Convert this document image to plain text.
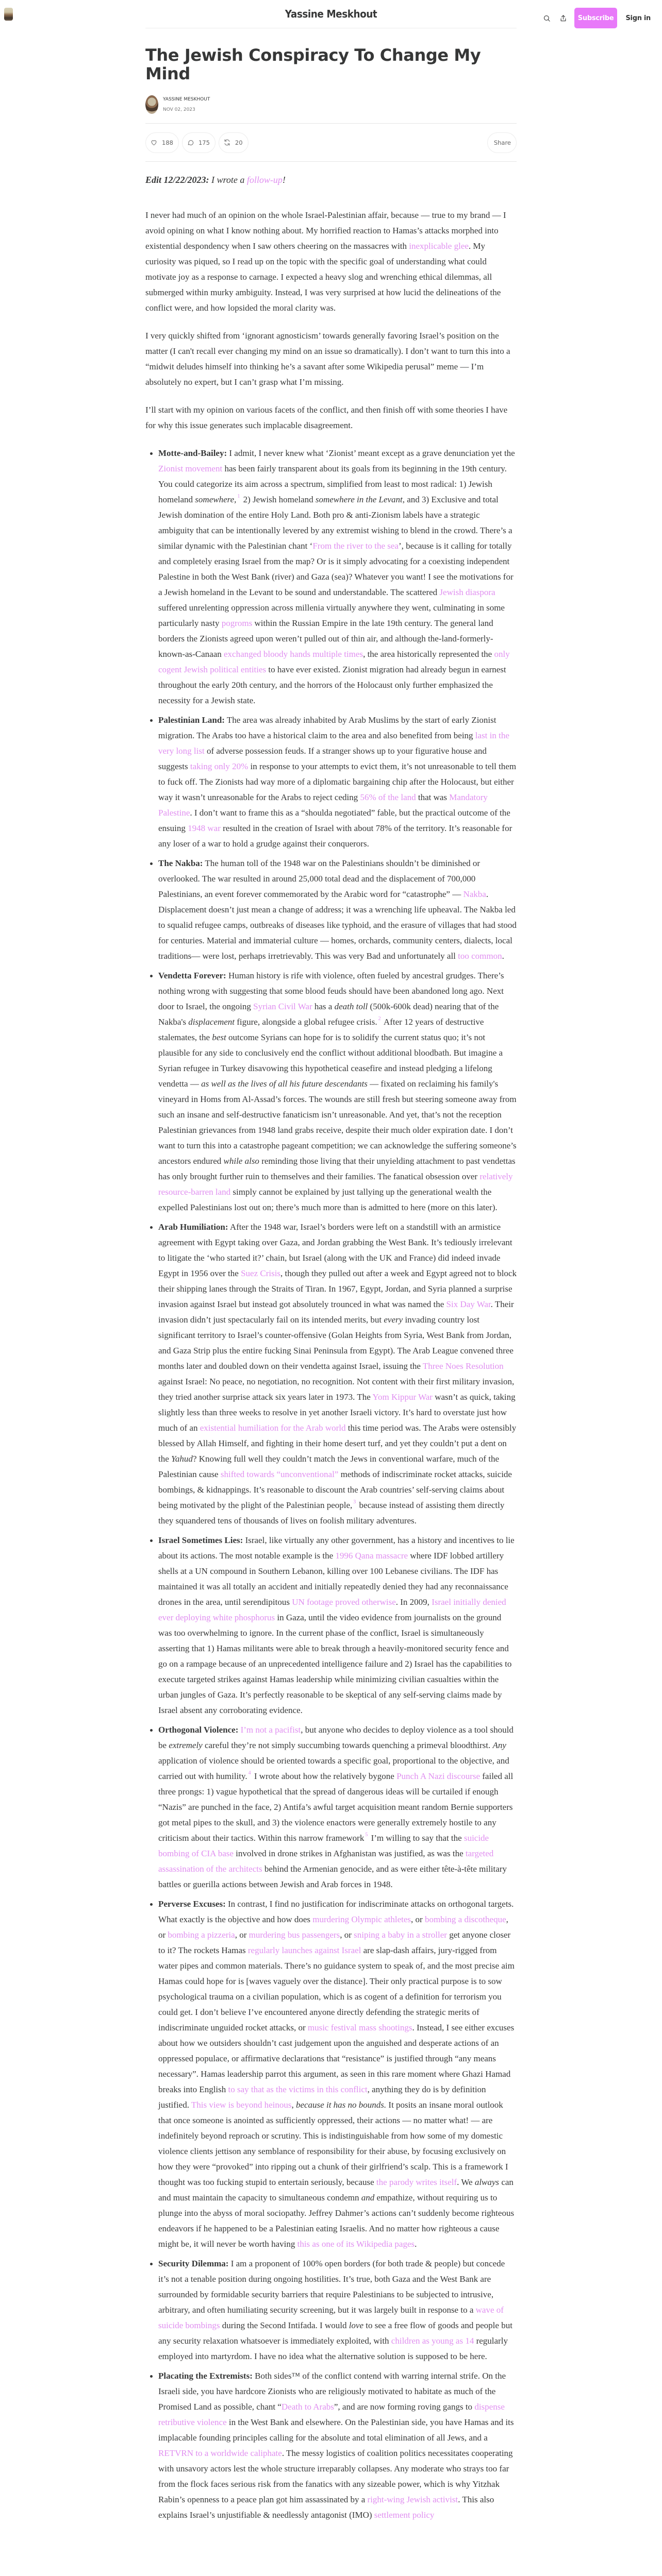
Yassine Meskhout	Subscribe	Sign in
The Jewish Conspiracy To Change My Mind
YASSINE MESKHOUT
NOV 02, 2023
188	175	20	Share
Edit 12/22/2023: I wrote a follow-up!

I never had much of an opinion on the whole Israel-Palestinian affair, because — true to my brand — I avoid opining on what I know nothing about. My horrified reaction to Hamas’s attacks morphed into existential despondency when I saw others cheering on the massacres with inexplicable glee. My curiosity was piqued, so I read up on the topic with the specific goal of understanding what could motivate joy as a response to carnage. I expected a heavy slog and wrenching ethical dilemmas, all submerged within murky ambiguity. Instead, I was very surprised at how lucid the delineations of the conflict were, and how lopsided the moral clarity was.

I very quickly shifted from ‘ignorant agnosticism’ towards generally favoring Israel’s position on the matter (I can't recall ever changing my mind on an issue so dramatically). I don’t want to turn this into a “midwit deludes himself into thinking he’s a savant after some Wikipedia perusal” meme — I’m absolutely no expert, but I can’t grasp what I’m missing.

I’ll start with my opinion on various facets of the conflict, and then finish off with some theories I have for why this issue generates such implacable disagreement.

Motte-and-Bailey: I admit, I never knew what ‘Zionist’ meant except as a grave denunciation yet the Zionist movement has been fairly transparent about its goals from its beginning in the 19th century. You could categorize its aim across a spectrum, simplified from least to most radical: 1) Jewish homeland somewhere, $^1$ 2) Jewish homeland somewhere in the Levant, and 3) Exclusive and total Jewish domination of the entire Holy Land. Both pro & anti-Zionism labels have a strategic ambiguity that can be intentionally levered by any extremist wishing to blend in the crowd. There’s a similar dynamic with the Palestinian chant ‘From the river to the sea’, because is it calling for totally and completely erasing Israel from the map? Or is it simply advocating for a coexisting independent Palestine in both the West Bank (river) and Gaza (sea)? Whatever you want! I see the motivations for a Jewish homeland in the Levant to be sound and understandable. The scattered Jewish diaspora suffered unrelenting oppression across millenia virtually anywhere they went, culminating in some particularly nasty pogroms within the Russian Empire in the late 19th century. The general land borders the Zionists agreed upon weren’t pulled out of thin air, and although the-land-formerly-known-as-Canaan exchanged bloody hands multiple times, the area historically represented the only cogent Jewish political entities to have ever existed. Zionist migration had already begun in earnest throughout the early 20th century, and the horrors of the Holocaust only further emphasized the necessity for a Jewish state.
Palestinian Land: The area was already inhabited by Arab Muslims by the start of early Zionist migration. The Arabs too have a historical claim to the area and also benefited from being last in the very long list of adverse possession feuds. If a stranger shows up to your figurative house and suggests taking only 20% in response to your attempts to evict them, it’s not unreasonable to tell them to fuck off. The Zionists had way more of a diplomatic bargaining chip after the Holocaust, but either way it wasn’t unreasonable for the Arabs to reject ceding 56% of the land that was Mandatory Palestine. I don’t want to frame this as a “shoulda negotiated” fable, but the practical outcome of the ensuing 1948 war resulted in the creation of Israel with about 78% of the territory. It’s reasonable for any loser of a war to hold a grudge against their conquerors.
The Nakba: The human toll of the 1948 war on the Palestinians shouldn’t be diminished or overlooked. The war resulted in around 25,000 total dead and the displacement of 700,000 Palestinians, an event forever commemorated by the Arabic word for “catastrophe” — Nakba. Displacement doesn’t just mean a change of address; it was a wrenching life upheaval. The Nakba led to squalid refugee camps, outbreaks of diseases like typhoid, and the erasure of villages that had stood for centuries. Material and immaterial culture — homes, orchards, community centers, dialects, local traditions— were lost, perhaps irretrievably. This was very Bad and unfortunately all too common.
Vendetta Forever: Human history is rife with violence, often fueled by ancestral grudges. There’s nothing wrong with suggesting that some blood feuds should have been abandoned long ago. Next door to Israel, the ongoing Syrian Civil War has a death toll (500k-600k dead) nearing that of the Nakba's displacement figure, alongside a global refugee crisis. $^2$ After 12 years of destructive stalemates, the best outcome Syrians can hope for is to solidify the current status quo; it’s not plausible for any side to conclusively end the conflict without additional bloodbath. But imagine a Syrian refugee in Turkey disavowing this hypothetical ceasefire and instead pledging a lifelong vendetta — as well as the lives of all his future descendants — fixated on reclaiming his family's vineyard in Homs from Al-Assad’s forces. The wounds are still fresh but steering someone away from such an insane and self-destructive fanaticism isn’t unreasonable. And yet, that’s not the reception Palestinian grievances from 1948 land grabs receive, despite their much older expiration date. I don’t want to turn this into a catastrophe pageant competition; we can acknowledge the suffering someone’s ancestors endured while also reminding those living that their unyielding attachment to past vendettas has only brought further ruin to themselves and their families. The fanatical obsession over relatively resource-barren land simply cannot be explained by just tallying up the generational wealth the expelled Palestinians lost out on; there’s much more than is admitted to here (more on this later).
Arab Humiliation: After the 1948 war, Israel’s borders were left on a standstill with an armistice agreement with Egypt taking over Gaza, and Jordan grabbing the West Bank. It’s tediously irrelevant to litigate the ‘who started it?’ chain, but Israel (along with the UK and France) did indeed invade Egypt in 1956 over the Suez Crisis, though they pulled out after a week and Egypt agreed not to block their shipping lanes through the Straits of Tiran. In 1967, Egypt, Jordan, and Syria planned a surprise invasion against Israel but instead got absolutely trounced in what was named the Six Day War. Their invasion didn’t just spectacularly fail on its intended merits, but every invading country lost significant territory to Israel’s counter-offensive (Golan Heights from Syria, West Bank from Jordan, and Gaza Strip plus the entire fucking Sinai Peninsula from Egypt). The Arab League convened three months later and doubled down on their vendetta against Israel, issuing the Three Noes Resolution against Israel: No peace, no negotiation, no recognition. Not content with their first military invasion, they tried another surprise attack six years later in 1973. The Yom Kippur War wasn’t as quick, taking slightly less than three weeks to resolve in yet another Israeli victory. It’s hard to overstate just how much of an existential humiliation for the Arab world this time period was. The Arabs were ostensibly blessed by Allah Himself, and fighting in their home desert turf, and yet they couldn’t put a dent on the Yahud? Knowing full well they couldn’t match the Jews in conventional warfare, much of the Palestinian cause shifted towards “unconventional” methods of indiscriminate rocket attacks, suicide bombings, & kidnappings. It’s reasonable to discount the Arab countries’ self-serving claims about being motivated by the plight of the Palestinian people, $^3$ because instead of assisting them directly they squandered tens of thousands of lives on foolish military adventures.
Israel Sometimes Lies: Israel, like virtually any other government, has a history and incentives to lie about its actions. The most notable example is the 1996 Qana massacre where IDF lobbed artillery shells at a UN compound in Southern Lebanon, killing over 100 Lebanese civilians. The IDF has maintained it was all totally an accident and initially repeatedly denied they had any reconnaissance drones in the area, until serendipitous UN footage proved otherwise. In 2009, Israel initially denied ever deploying white phosphorus in Gaza, until the video evidence from journalists on the ground was too overwhelming to ignore. In the current phase of the conflict, Israel is simultaneously asserting that 1) Hamas militants were able to break through a heavily-monitored security fence and go on a rampage because of an unprecedented intelligence failure and 2) Israel has the capabilities to execute targeted strikes against Hamas leadership while minimizing civilian casualties within the urban jungles of Gaza. It’s perfectly reasonable to be skeptical of any self-serving claims made by Israel absent any corroborating evidence.
Orthogonal Violence: I’m not a pacifist, but anyone who decides to deploy violence as a tool should be extremely careful they’re not simply succumbing towards quenching a primeval bloodthirst. Any application of violence should be oriented towards a specific goal, proportional to the objective, and carried out with humility. $^4$ I wrote about how the relatively bygone Punch A Nazi discourse failed all three prongs: 1) vague hypothetical that the spread of dangerous ideas will be curtailed if enough “Nazis” are punched in the face, 2) Antifa’s awful target acquisition meant random Bernie supporters got metal pipes to the skull, and 3) the violence enactors were generally extremely hostile to any criticism about their tactics. Within this narrow framework $^5$ I’m willing to say that the suicide bombing of CIA base involved in drone strikes in Afghanistan was justified, as was the targeted assassination of the architects behind the Armenian genocide, and as were either tête-à-tête military battles or guerilla actions between Jewish and Arab forces in 1948.
Perverse Excuses: In contrast, I find no justification for indiscriminate attacks on orthogonal targets. What exactly is the objective and how does murdering Olympic athletes, or bombing a discotheque, or bombing a pizzeria, or murdering bus passengers, or sniping a baby in a stroller get anyone closer to it? The rockets Hamas regularly launches against Israel are slap-dash affairs, jury-rigged from water pipes and common materials. There’s no guidance system to speak of, and the most precise aim Hamas could hope for is [waves vaguely over the distance]. Their only practical purpose is to sow psychological trauma on a civilian population, which is as cogent of a definition for terrorism you could get. I don’t believe I’ve encountered anyone directly defending the strategic merits of indiscriminate unguided rocket attacks, or music festival mass shootings. Instead, I see either excuses about how we outsiders shouldn’t cast judgement upon the anguished and desperate actions of an oppressed populace, or affirmative declarations that “resistance” is justified through “any means necessary”. Hamas leadership parrot this argument, as seen in this rare moment where Ghazi Hamad breaks into English to say that as the victims in this conflict, anything they do is by definition justified. This view is beyond heinous, because it has no bounds. It posits an insane moral outlook that once someone is anointed as sufficiently oppressed, their actions — no matter what! — are indefinitely beyond reproach or scrutiny. This is indistinguishable from how some of my domestic violence clients jettison any semblance of responsibility for their abuse, by focusing exclusively on how they were “provoked” into ripping out a chunk of their girlfriend’s scalp. This is a framework I thought was too fucking stupid to entertain seriously, because the parody writes itself. We always can and must maintain the capacity to simultaneous condemn and empathize, without requiring us to plunge into the abyss of moral sociopathy. Jeffrey Dahmer’s actions can’t suddenly become righteous endeavors if he happened to be a Palestinian eating Israelis. And no matter how righteous a cause might be, it will never be worth having this as one of its Wikipedia pages.
Security Dilemma: I am a proponent of 100% open borders (for both trade & people) but concede it’s not a tenable position during ongoing hostilities. It’s true, both Gaza and the West Bank are surrounded by formidable security barriers that require Palestinians to be subjected to intrusive, arbitrary, and often humiliating security screening, but it was largely built in response to a wave of suicide bombings during the Second Intifada. I would love to see a free flow of goods and people but any security relaxation whatsoever is immediately exploited, with children as young as 14 regularly employed into martyrdom. I have no idea what the alternative solution is supposed to be here.
Placating the Extremists: Both sides™ of the conflict contend with warring internal strife. On the Israeli side, you have hardcore Zionists who are religiously motivated to habitate as much of the Promised Land as possible, chant “Death to Arabs”, and are now forming roving gangs to dispense retributive violence in the West Bank and elsewhere. On the Palestinian side, you have Hamas and its implacable founding principles calling for the absolute and total elimination of all Jews, and a RETVRN to a worldwide caliphate. The messy logistics of coalition politics necessitates cooperating with unsavory actors lest the whole structure irreparably collapses. Any moderate who strays too far from the flock faces serious risk from the fanatics with any sizeable power, which is why Yitzhak Rabin’s openness to a peace plan got him assassinated by a right-wing Jewish activist. This also explains Israel’s unjustifiable & needlessly antagonist (IMO) settlement policy
